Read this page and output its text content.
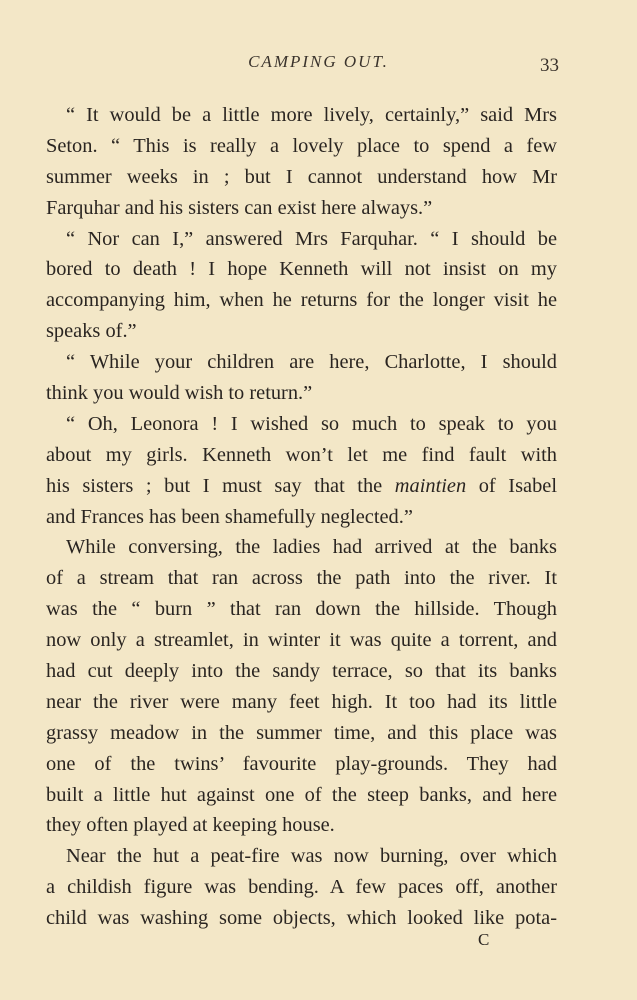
CAMPING OUT.	33
“ It would be a little more lively, certainly,” said Mrs
Seton. “ This is really a lovely place to spend a few
summer weeks in ; but I cannot understand how Mr
Farquhar and his sisters can exist here always.”
“ Nor can I,” answered Mrs Farquhar. “ I should be
bored to death ! I hope Kenneth will not insist on my
accompanying him, when he returns for the longer visit he
speaks of.”
“ While your children are here, Charlotte, I should
think you would wish to return.”
“ Oh, Leonora ! I wished so much to speak to you
about my girls. Kenneth won’t let me find fault with
his sisters ; but I must say that the maintien of Isabel
and Frances has been shamefully neglected.”
While conversing, the ladies had arrived at the banks
of a stream that ran across the path into the river. It
was the “ burn ” that ran down the hillside. Though
now only a streamlet, in winter it was quite a torrent, and
had cut deeply into the sandy terrace, so that its banks
near the river were many feet high. It too had its little
grassy meadow in the summer time, and this place was
one of the twins’ favourite play-grounds. They had
built a little hut against one of the steep banks, and here
they often played at keeping house.
Near the hut a peat-fire was now burning, over which
a childish figure was bending. A few paces off, another
child was washing some objects, which looked like pota-
C
